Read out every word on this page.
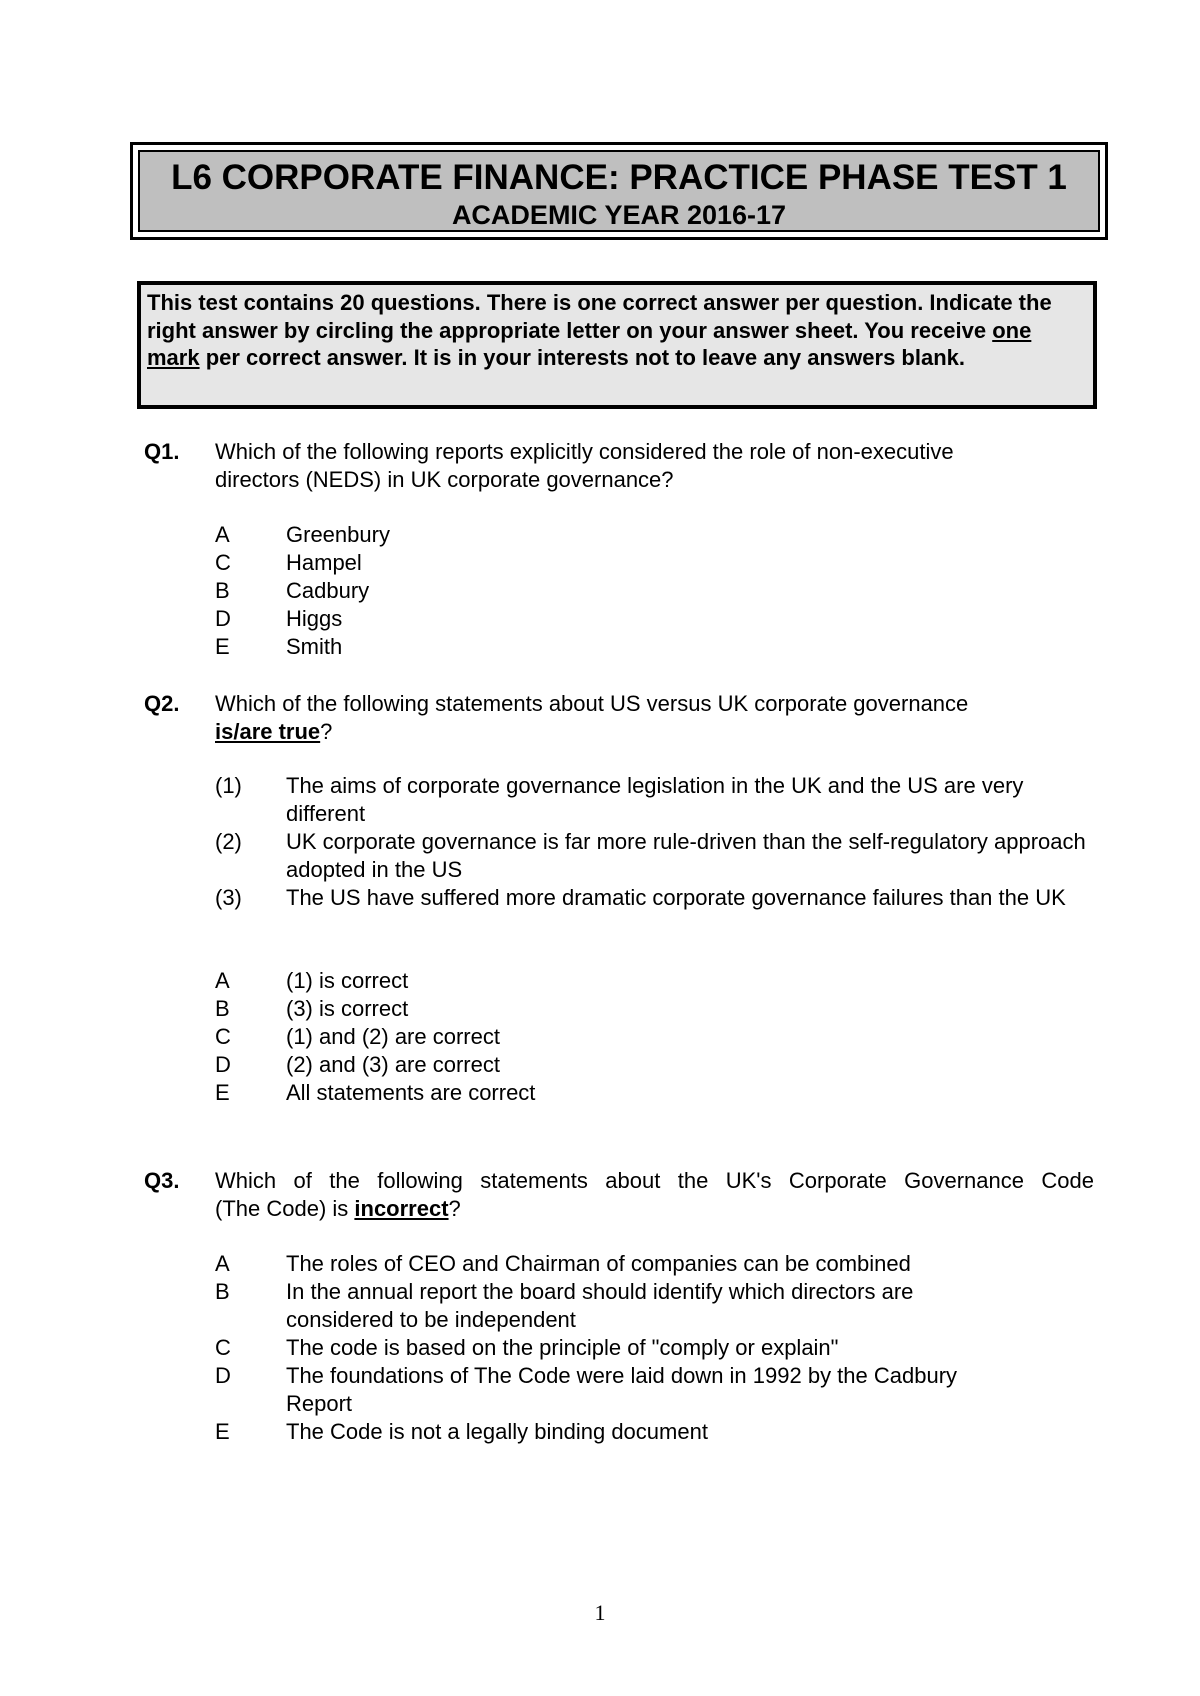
L6 CORPORATE FINANCE: PRACTICE PHASE TEST 1
ACADEMIC YEAR 2016-17
This test contains 20 questions. There is one correct answer per question. Indicate the right answer by circling the appropriate letter on your answer sheet. You receive one mark per correct answer. It is in your interests not to leave any answers blank.
Q1. Which of the following reports explicitly considered the role of non-executive directors (NEDS) in UK corporate governance?
A	Greenbury
C	Hampel
B	Cadbury
D	Higgs
E	Smith
Q2. Which of the following statements about US versus UK corporate governance is/are true?
(1) The aims of corporate governance legislation in the UK and the US are very different
(2) UK corporate governance is far more rule-driven than the self-regulatory approach adopted in the US
(3) The US have suffered more dramatic corporate governance failures than the UK
A	(1) is correct
B	(3) is correct
C	(1) and (2) are correct
D	(2) and (3) are correct
E	All statements are correct
Q3. Which of the following statements about the UK's Corporate Governance Code
(The Code) is incorrect?
A	The roles of CEO and Chairman of companies can be combined
B	In the annual report the board should identify which directors are considered to be independent
C	The code is based on the principle of "comply or explain"
D	The foundations of The Code were laid down in 1992 by the Cadbury Report
E	The Code is not a legally binding document
1
